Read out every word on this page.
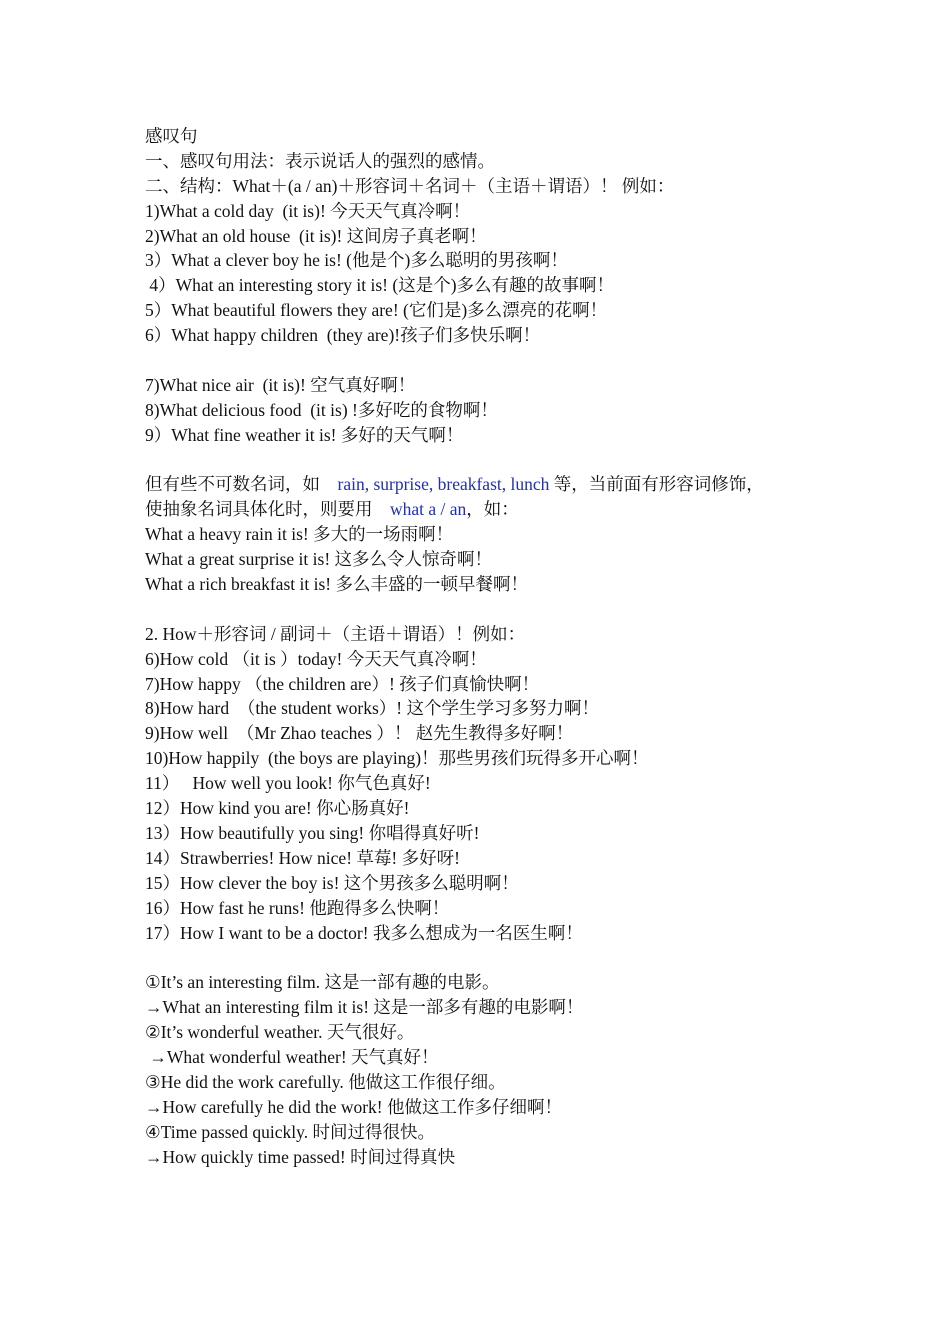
感叹句
一、感叹句用法：表示说话人的强烈的感情。
二、结构：What＋(a / an)＋形容词＋名词＋（主语＋谓语）！ 例如：
1)What a cold day  (it is)! 今天天气真冷啊！
2)What an old house  (it is)! 这间房子真老啊！
3）What a clever boy he is! (他是个)多么聪明的男孩啊！
4）What an interesting story it is! (这是个)多么有趣的故事啊！
5）What beautiful flowers they are! (它们是)多么漂亮的花啊！
6）What happy children  (they are)!孩子们多快乐啊！
7)What nice air  (it is)! 空气真好啊！
8)What delicious food  (it is) !多好吃的食物啊！
9）What fine weather it is! 多好的天气啊！
但有些不可数名词，如　rain, surprise, breakfast, lunch 等，当前面有形容词修饰，
使抽象名词具体化时，则要用　what a / an，如：
What a heavy rain it is! 多大的一场雨啊！
What a great surprise it is! 这多么令人惊奇啊！
What a rich breakfast it is! 多么丰盛的一顿早餐啊！
2. How＋形容词 / 副词＋（主语＋谓语）！例如：
6)How cold （it is ）today! 今天天气真冷啊！
7)How happy （the children are）! 孩子们真愉快啊！
8)How hard  （the student works）! 这个学生学习多努力啊！
9)How well  （Mr Zhao teaches ）！ 赵先生教得多好啊！
10)How happily  (the boys are playing)！那些男孩们玩得多开心啊！
11）   How well you look! 你气色真好!
12）How kind you are! 你心肠真好!
13）How beautifully you sing! 你唱得真好听!
14）Strawberries! How nice! 草莓! 多好呀!
15）How clever the boy is! 这个男孩多么聪明啊！
16）How fast he runs! 他跑得多么快啊！
17）How I want to be a doctor! 我多么想成为一名医生啊！
①It’s an interesting film. 这是一部有趣的电影。
→What an interesting film it is! 这是一部多有趣的电影啊！
②It’s wonderful weather. 天气很好。
→What wonderful weather! 天气真好！
③He did the work carefully. 他做这工作很仔细。
→How carefully he did the work! 他做这工作多仔细啊！
④Time passed quickly. 时间过得很快。
→How quickly time passed! 时间过得真快
